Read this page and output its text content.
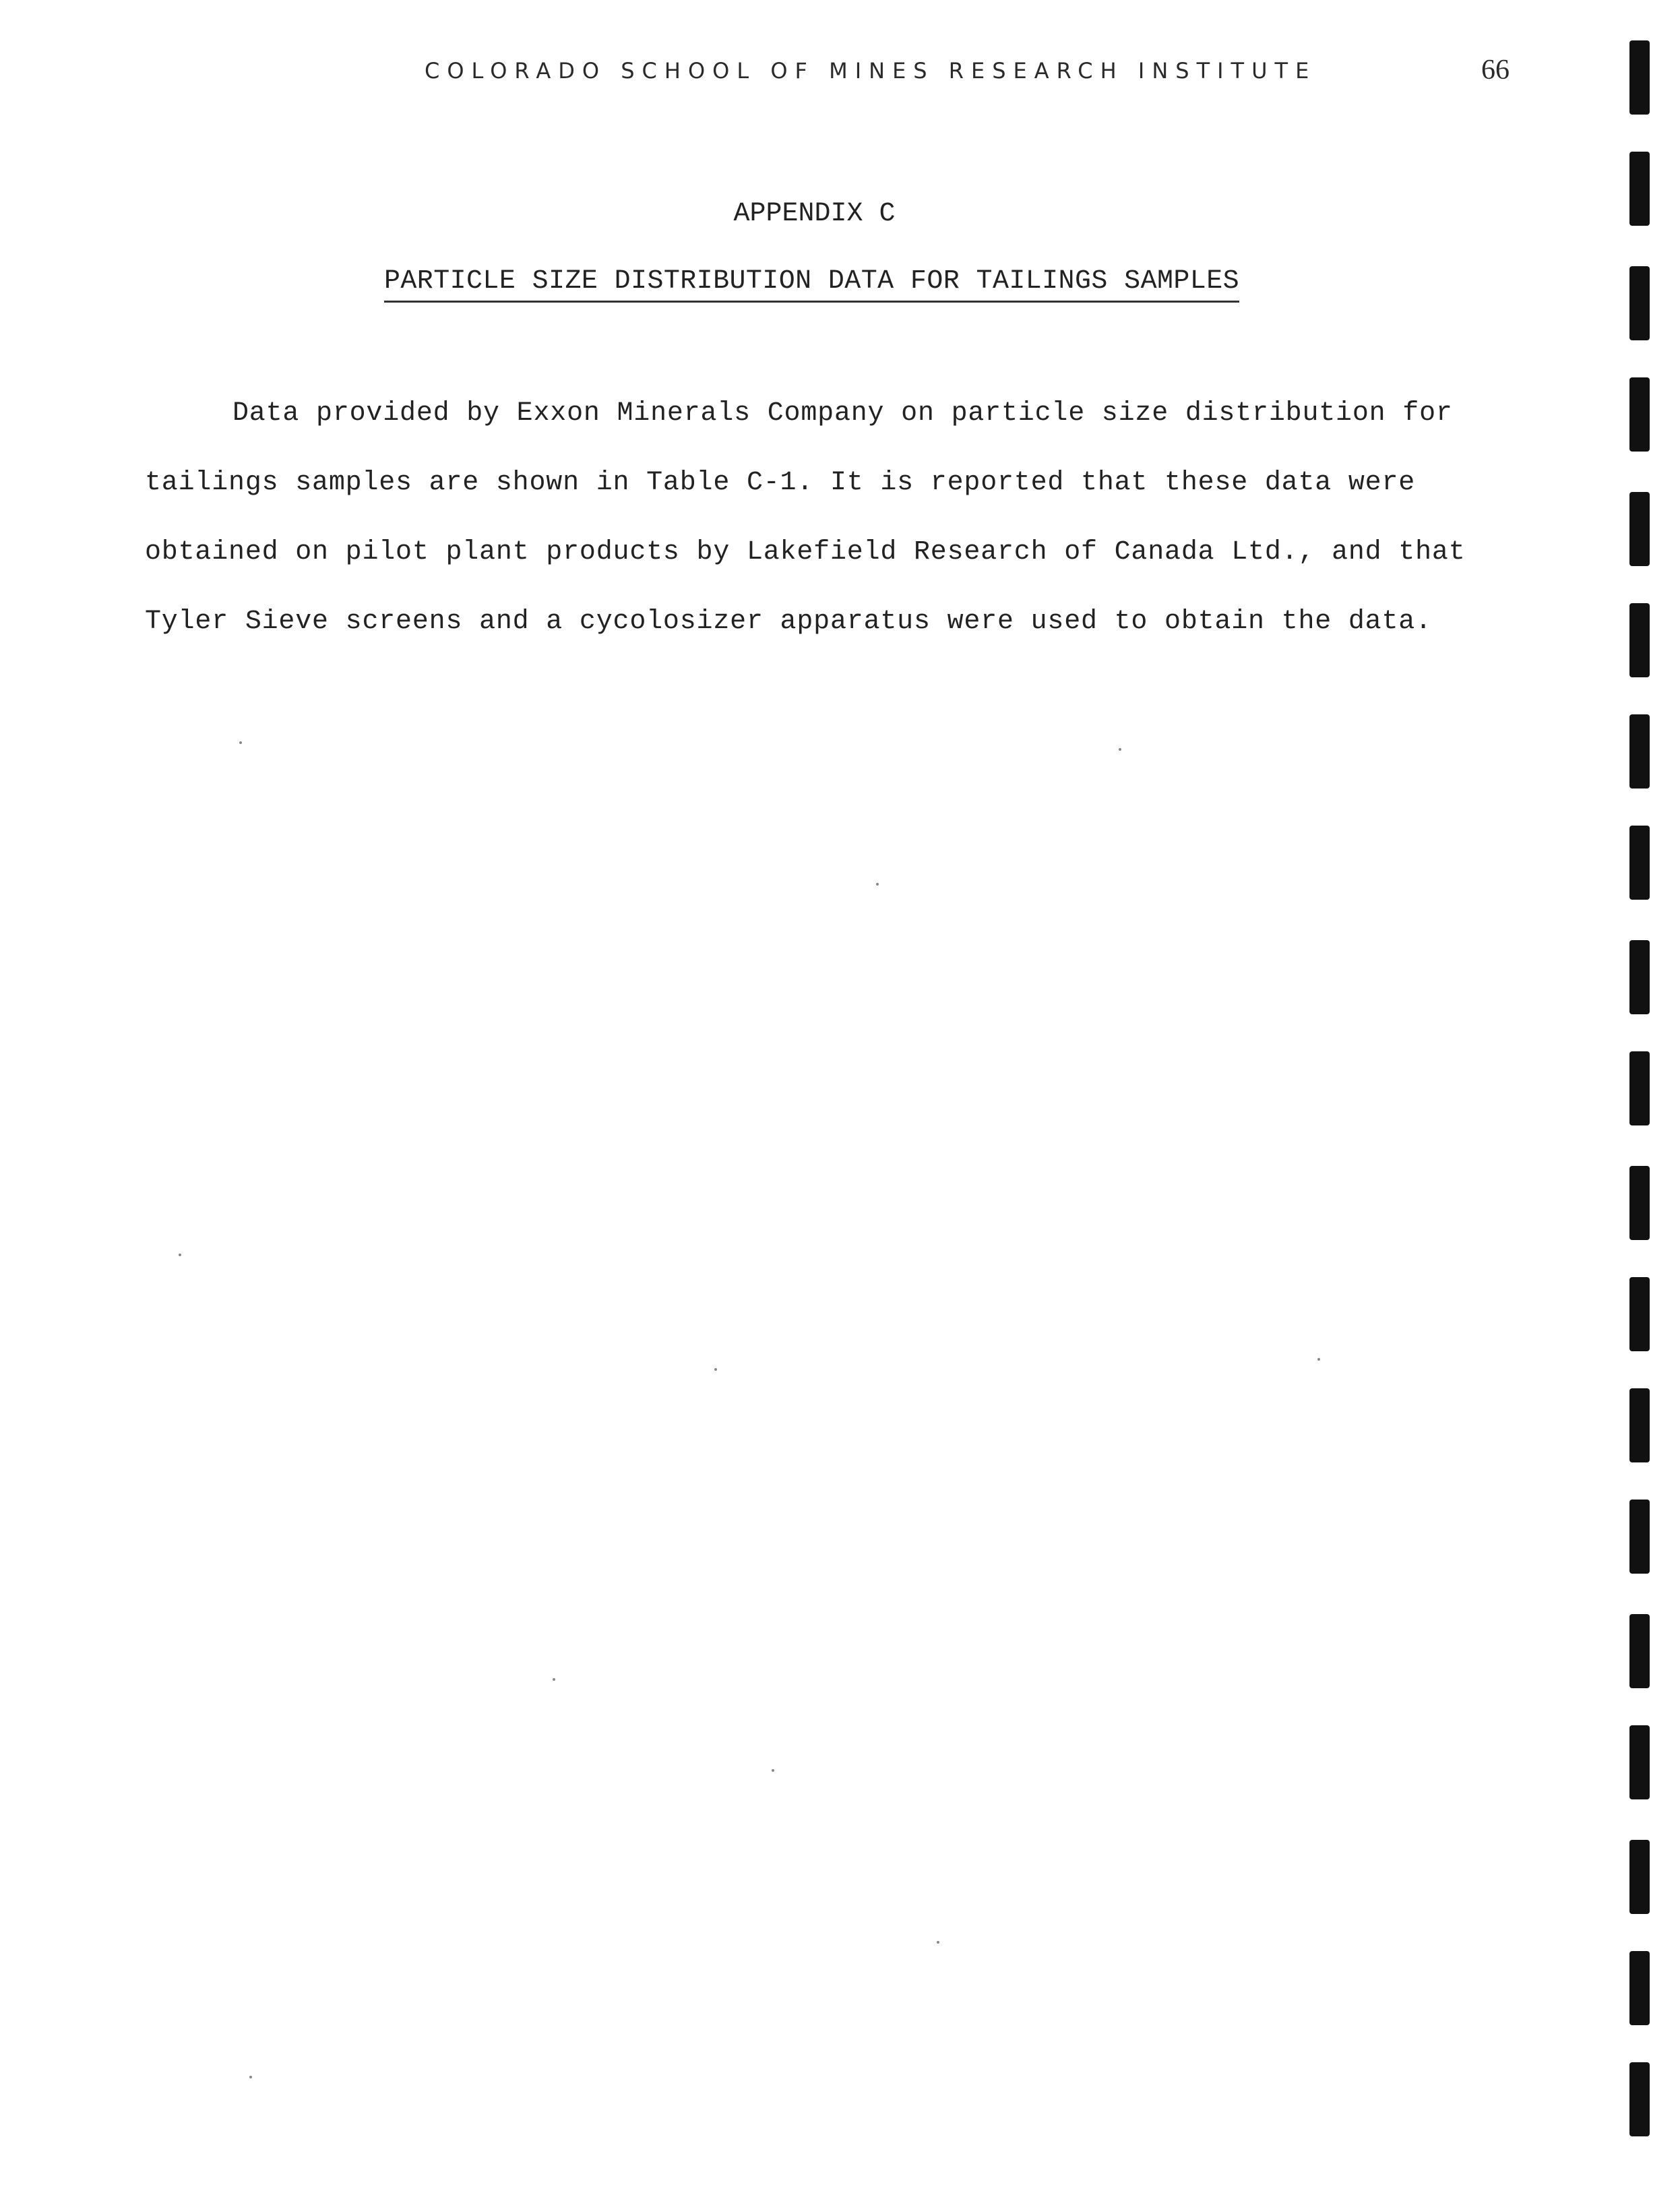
COLORADO SCHOOL OF MINES RESEARCH INSTITUTE	66
APPENDIX C
PARTICLE SIZE DISTRIBUTION DATA FOR TAILINGS SAMPLES
Data provided by Exxon Minerals Company on particle size distribution for
tailings samples are shown in Table C-1. It is reported that these data were
obtained on pilot plant products by Lakefield Research of Canada Ltd., and that
Tyler Sieve screens and a cycolosizer apparatus were used to obtain the data.
